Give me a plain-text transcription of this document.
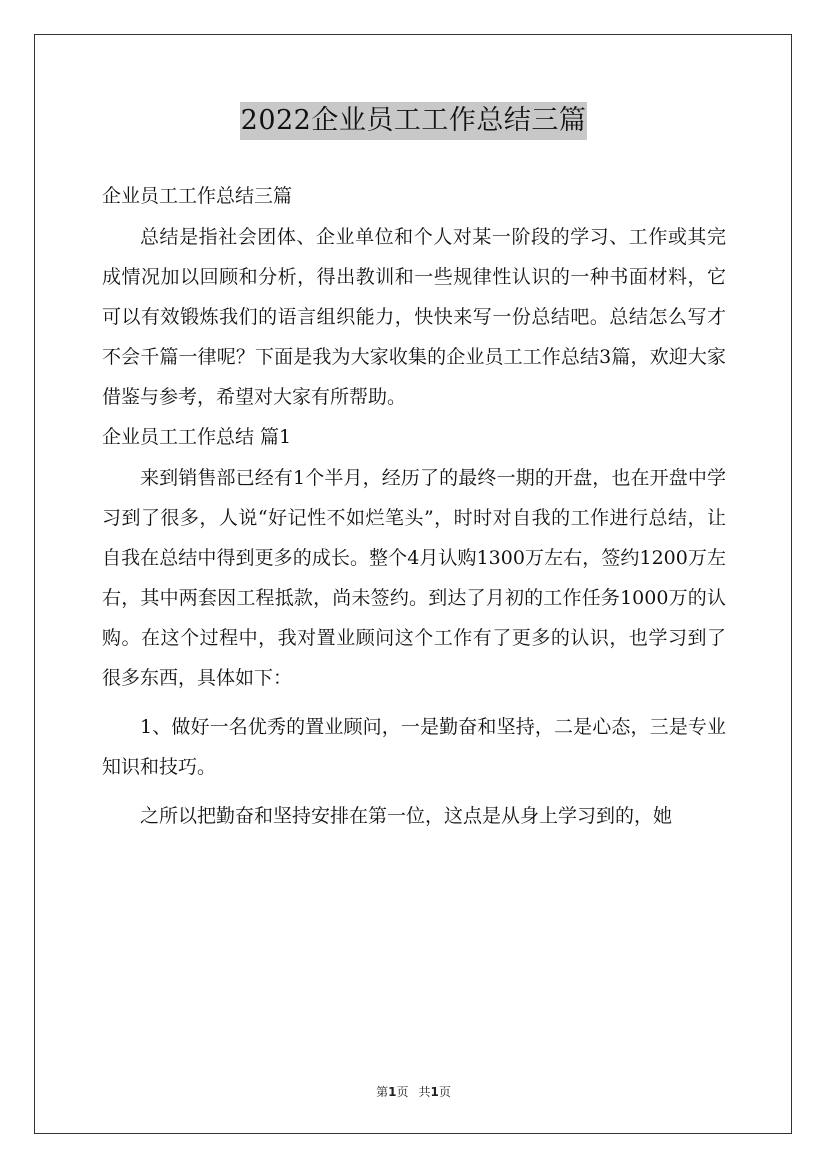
2022企业员工工作总结三篇

企业员工工作总结三篇

总结是指社会团体、企业单位和个人对某一阶段的学习、工作或其完成情况加以回顾和分析，得出教训和一些规律性认识的一种书面材料，它可以有效锻炼我们的语言组织能力，快快来写一份总结吧。总结怎么写才不会千篇一律呢？下面是我为大家收集的企业员工工作总结3篇，欢迎大家借鉴与参考，希望对大家有所帮助。

企业员工工作总结 篇1

来到销售部已经有1个半月，经历了的最终一期的开盘，也在开盘中学习到了很多，人说“好记性不如烂笔头”，时时对自我的工作进行总结，让自我在总结中得到更多的成长。整个4月认购1300万左右，签约1200万左右，其中两套因工程抵款，尚未签约。到达了月初的工作任务1000万的认购。在这个过程中，我对置业顾问这个工作有了更多的认识，也学习到了很多东西，具体如下：

1、做好一名优秀的置业顾问，一是勤奋和坚持，二是心态，三是专业知识和技巧。

之所以把勤奋和坚持安排在第一位，这点是从身上学习到的，她

第1页 共1页
